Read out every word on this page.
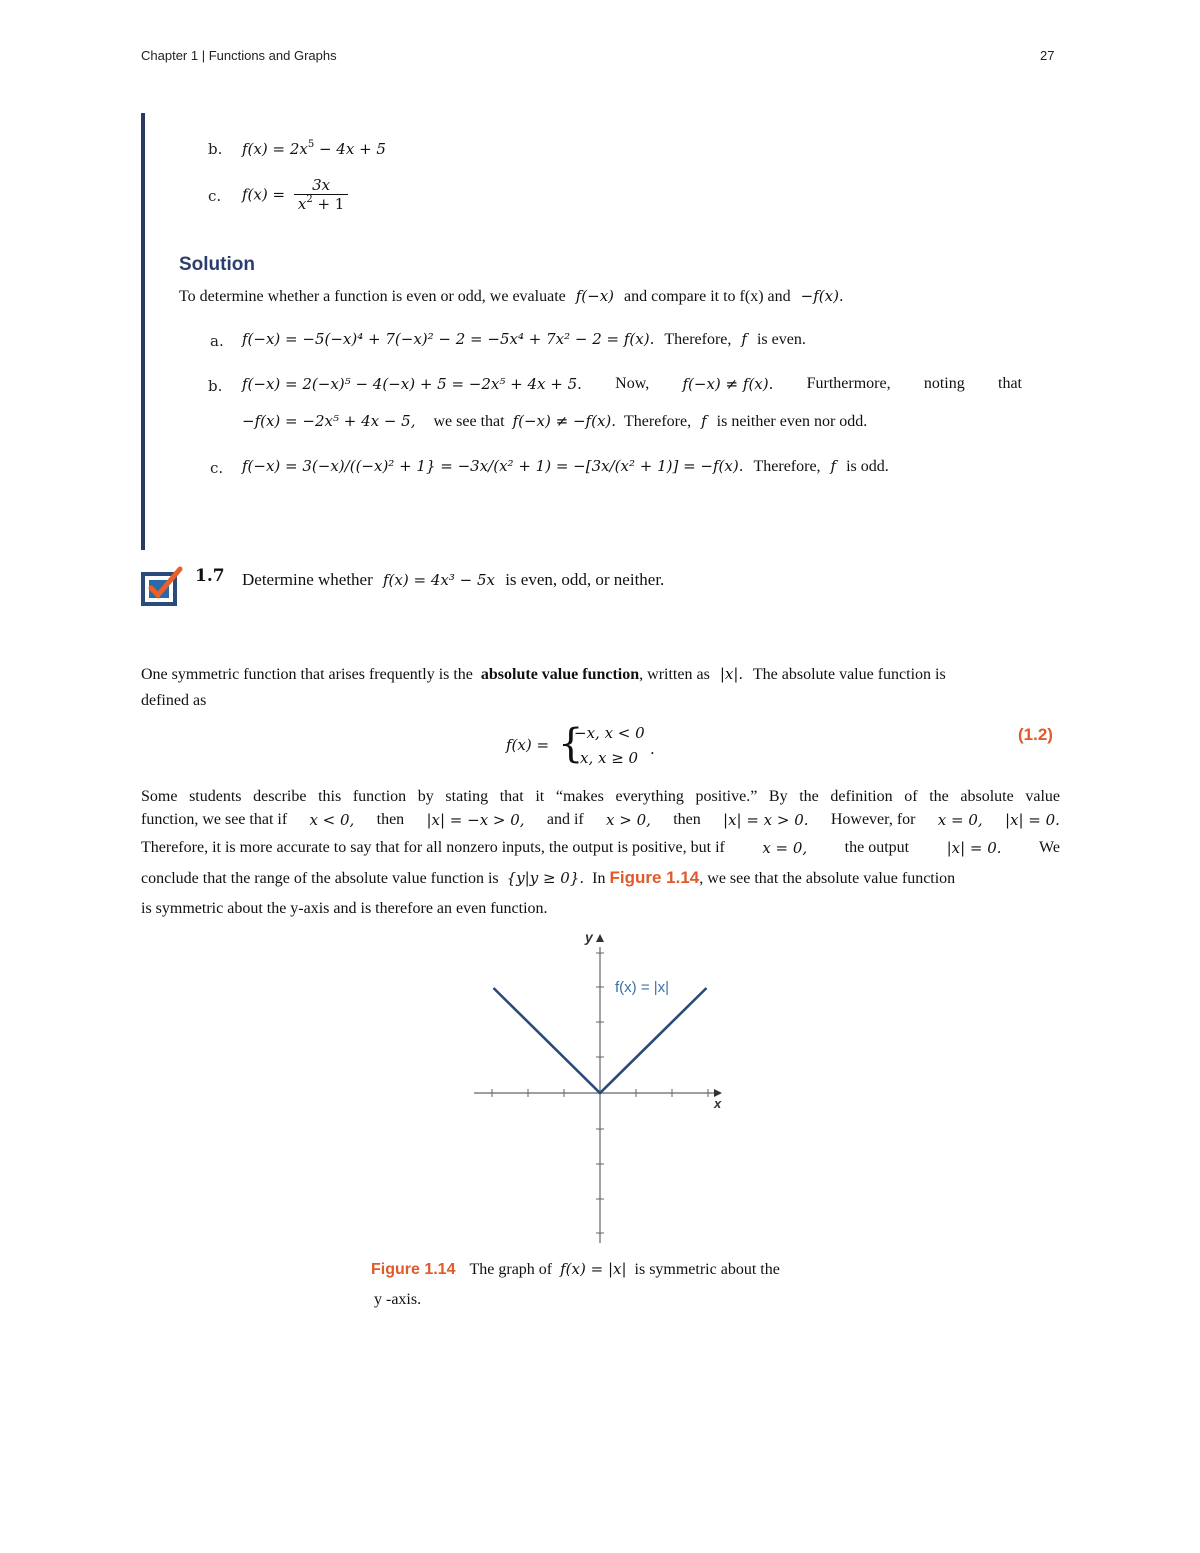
Chapter 1 | Functions and Graphs	27
b. $f(x) = 2x^5 - 4x + 5$
c. $f(x) = \frac{3x}{x^2 + 1}$
Solution
To determine whether a function is even or odd, we evaluate f(−x) and compare it to f(x) and −f(x).
a. f(−x) = −5(−x)⁴ + 7(−x)² − 2 = −5x⁴ + 7x² − 2 = f(x). Therefore, f is even.
b. f(−x) = 2(−x)⁵ − 4(−x) + 5 = −2x⁵ + 4x + 5. Now, f(−x) ≠ f(x). Furthermore, noting that
−f(x) = −2x⁵ + 4x − 5, we see that f(−x) ≠ −f(x). Therefore, f is neither even nor odd.
c. f(−x) = 3(−x)/((−x)² + 1} = −3x/(x² + 1) = −[3x/(x² + 1)] = −f(x). Therefore, f is odd.
1.7 Determine whether f(x) = 4x³ − 5x is even, odd, or neither.
One symmetric function that arises frequently is the absolute value function, written as |x|. The absolute value function is
defined as
f(x) = {
−x, x < 0
x, x ≥ 0 .
(1.2)
Some students describe this function by stating that it “makes everything positive.” By the definition of the absolute value
function, we see that if x < 0, then |x| = −x > 0, and if x > 0, then |x| = x > 0. However, for x = 0, |x| = 0.
Therefore, it is more accurate to say that for all nonzero inputs, the output is positive, but if x = 0, the output |x| = 0. We
conclude that the range of the absolute value function is {y|y ≥ 0}. In Figure 1.14, we see that the absolute value function
is symmetric about the y-axis and is therefore an even function.
y
x
f(x) = |x|
Figure 1.14 The graph of f(x) = |x| is symmetric about the
y -axis.
